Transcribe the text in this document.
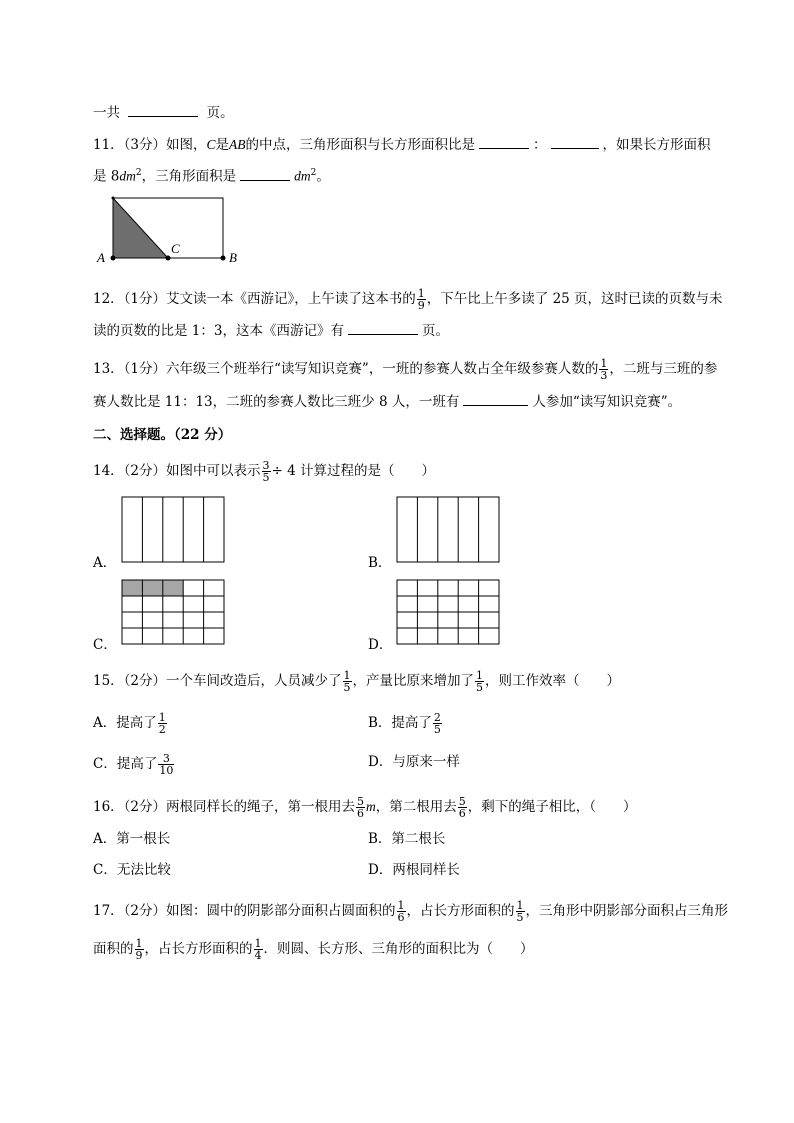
一共	页。
11．（3分）如图，C是AB的中点，三角形面积与长方形面积比是	：	，如果长方形面积
是 $8dm^2$，三角形面积是	$dm^2$。
A
C
B
12．（1分）艾文读一本《西游记》，上午读了这本书的 $\frac{1}{9}$ ，下午比上午多读了 25 页，这时已读的页数与未
读的页数的比是 1：3，这本《西游记》有	页。
13．（1分）六年级三个班举行“读写知识竞赛”，一班的参赛人数占全年级参赛人数的 $\frac{1}{3}$ ，二班与三班的参
赛人数比是 11：13，二班的参赛人数比三班少 8 人，一班有	人参加“读写知识竞赛”。
二、选择题。（22 分）
14．（2分）如图中可以表示 $\frac{3}{5} \div 4$ 计算过程的是（　　）
A．	B．
C．	D．
15．（2分）一个车间改造后，人员减少了 $\frac{1}{5}$ ，产量比原来增加了 $\frac{1}{5}$ ，则工作效率（　　）
A．提高了 $\frac{1}{2}$	B．提高了 $\frac{2}{5}$
C．提高了 $\frac{3}{10}$	D．与原来一样
16．（2分）两根同样长的绳子，第一根用去 $\frac{5}{6}$ m，第二根用去 $\frac{5}{6}$ ，剩下的绳子相比，（　　）
A．第一根长	B．第二根长
C．无法比较	D．两根同样长
17．（2分）如图：圆中的阴影部分面积占圆面积的 $\frac{1}{6}$ ，占长方形面积的 $\frac{1}{5}$ ，三角形中阴影部分面积占三角形
面积的 $\frac{1}{9}$ ，占长方形面积的 $\frac{1}{4}$ ．则圆、长方形、三角形的面积比为（　　）
